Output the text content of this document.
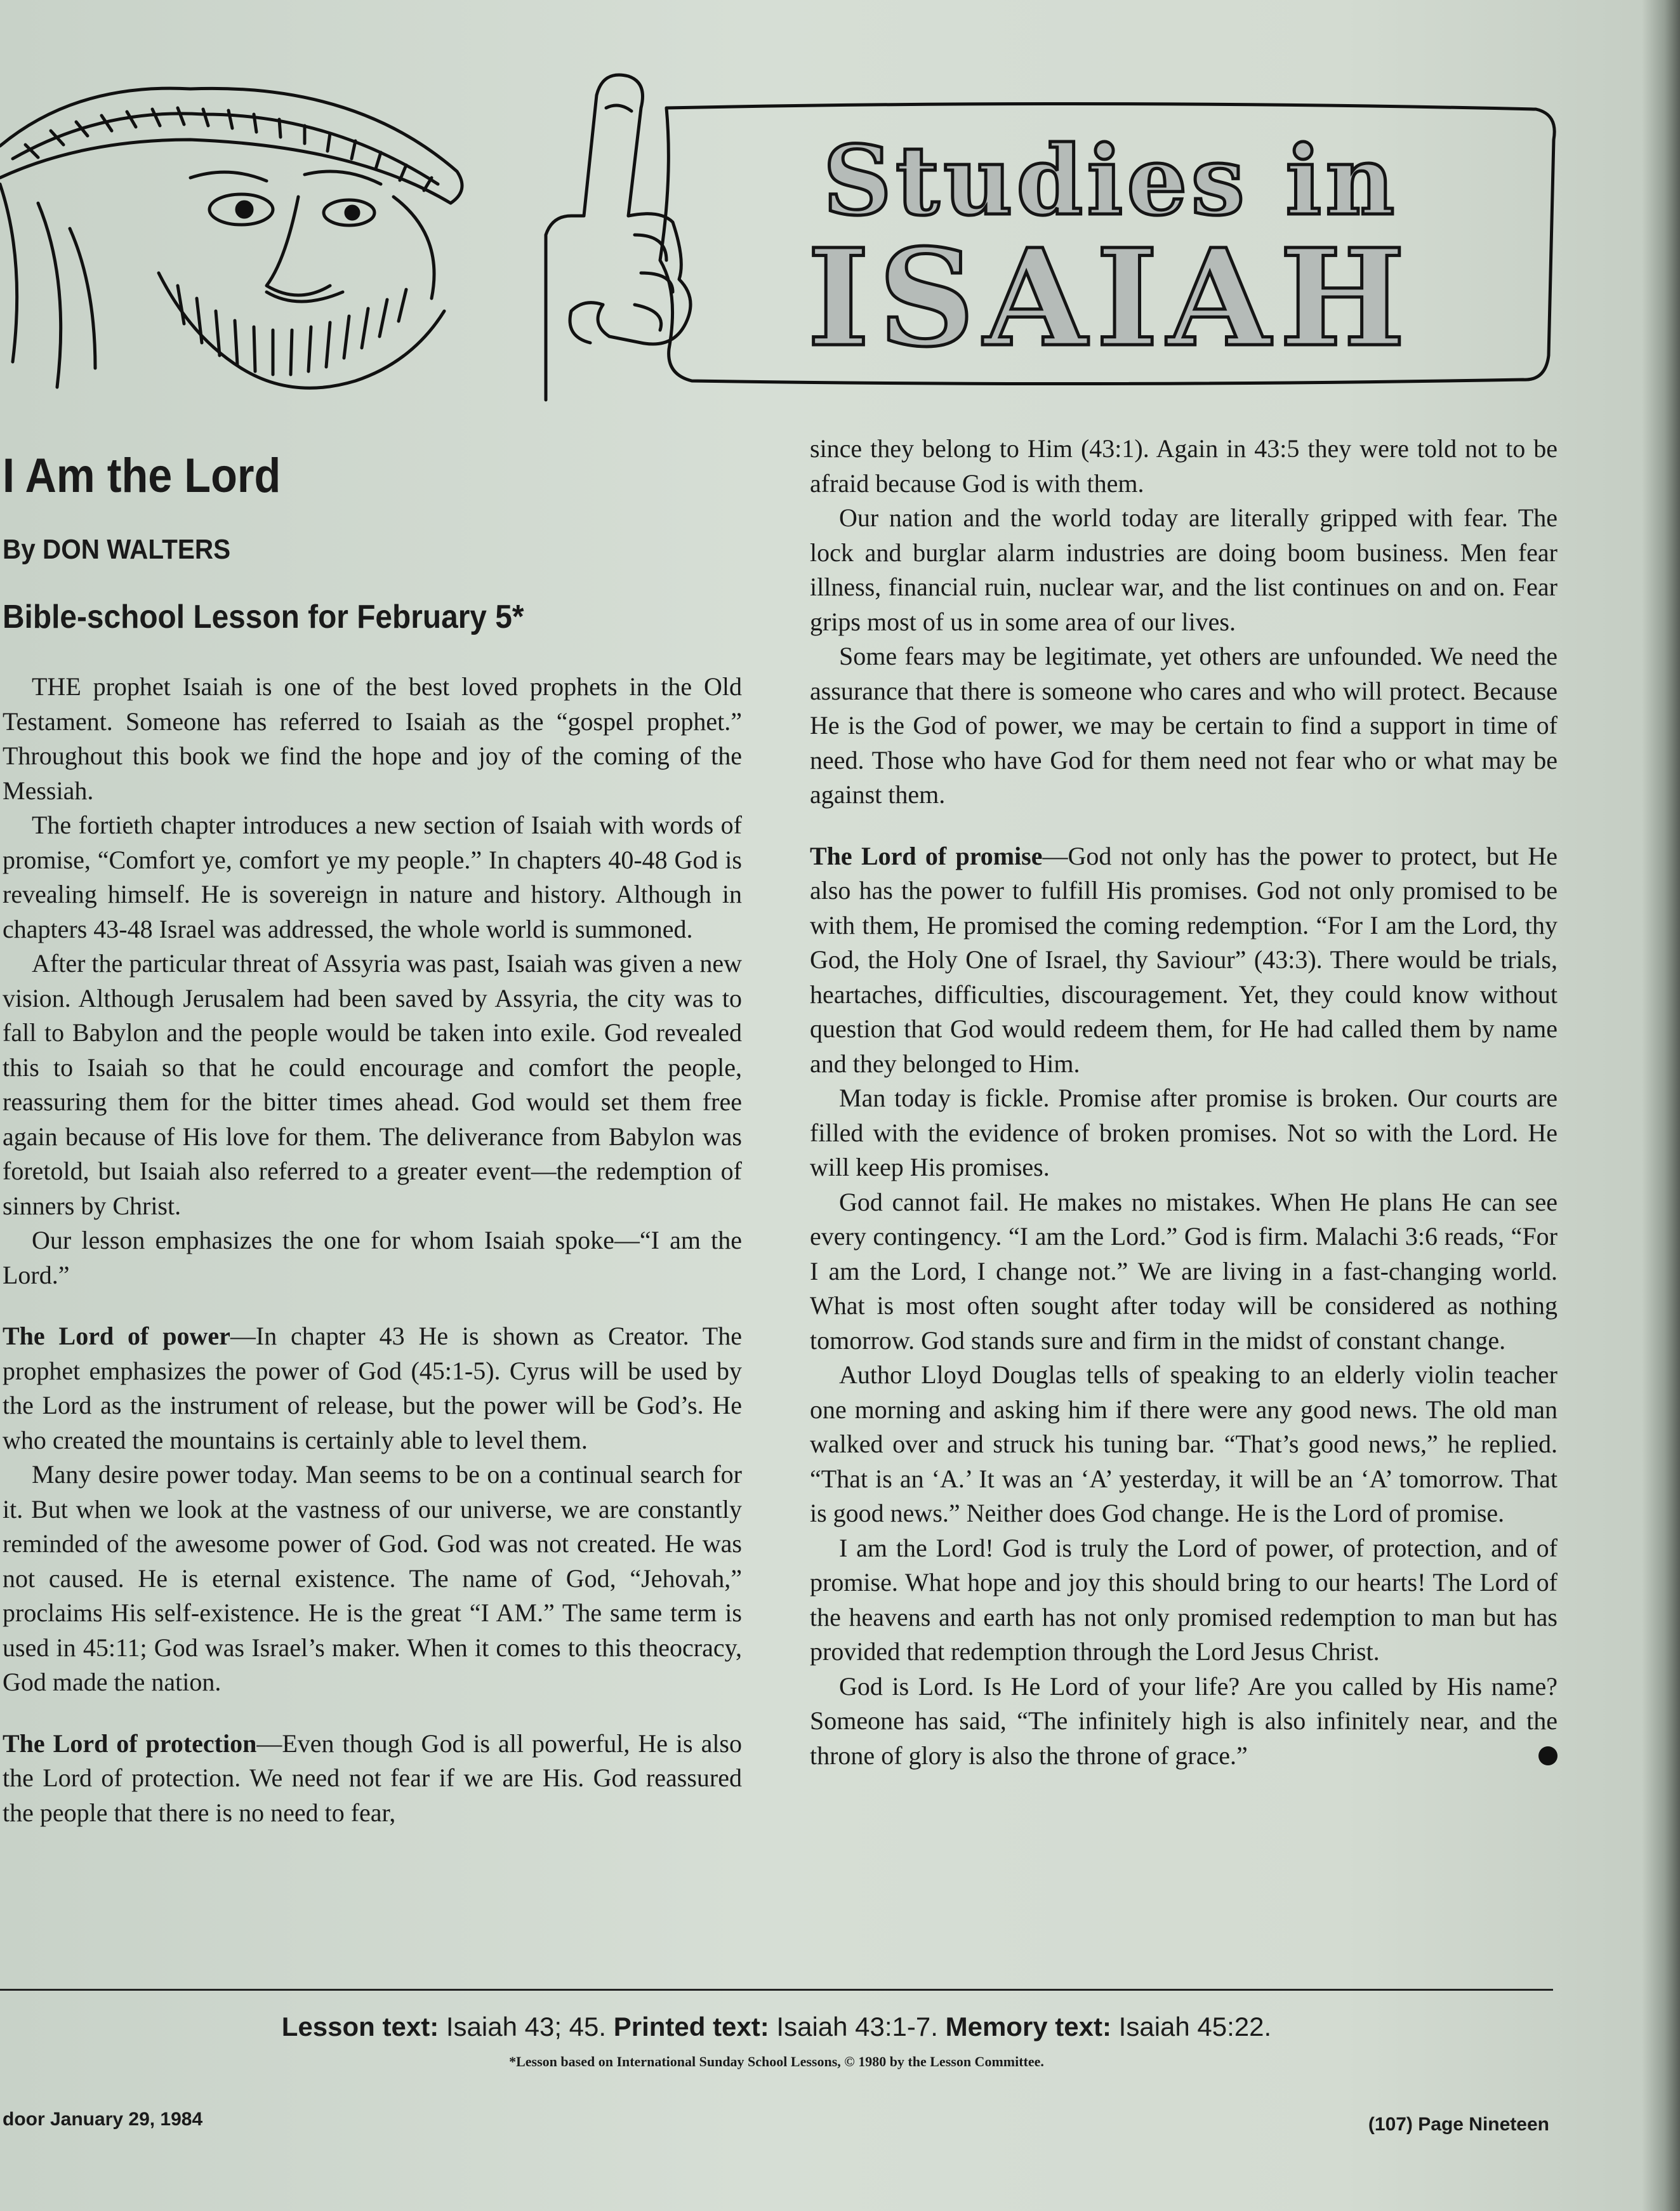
Studies in
ISAIAH
I Am the Lord
By DON WALTERS
Bible-school Lesson for February 5*

THE prophet Isaiah is one of the best loved prophets in the Old Testament. Someone has referred to Isaiah as the “gospel prophet.” Throughout this book we find the hope and joy of the coming of the Messiah.

The fortieth chapter introduces a new section of Isaiah with words of promise, “Comfort ye, comfort ye my people.” In chapters 40-48 God is revealing himself. He is sovereign in nature and history. Although in chapters 43-48 Israel was addressed, the whole world is summoned.

After the particular threat of Assyria was past, Isaiah was given a new vision. Although Jerusalem had been saved by Assyria, the city was to fall to Babylon and the people would be taken into exile. God revealed this to Isaiah so that he could encourage and comfort the people, reassuring them for the bitter times ahead. God would set them free again because of His love for them. The deliverance from Babylon was foretold, but Isaiah also referred to a greater event—the redemption of sinners by Christ.

Our lesson emphasizes the one for whom Isaiah spoke—“I am the Lord.”

The Lord of power—In chapter 43 He is shown as Creator. The prophet emphasizes the power of God (45:1-5). Cyrus will be used by the Lord as the instrument of release, but the power will be God’s. He who created the mountains is certainly able to level them.

Many desire power today. Man seems to be on a continual search for it. But when we look at the vastness of our universe, we are constantly reminded of the awesome power of God. God was not created. He was not caused. He is eternal existence. The name of God, “Jehovah,” proclaims His self-existence. He is the great “I AM.” The same term is used in 45:11; God was Israel’s maker. When it comes to this theocracy, God made the nation.

The Lord of protection—Even though God is all powerful, He is also the Lord of protection. We need not fear if we are His. God reassured the people that there is no need to fear,

since they belong to Him (43:1). Again in 43:5 they were told not to be afraid because God is with them.

Our nation and the world today are literally gripped with fear. The lock and burglar alarm industries are doing boom business. Men fear illness, financial ruin, nuclear war, and the list continues on and on. Fear grips most of us in some area of our lives.

Some fears may be legitimate, yet others are unfounded. We need the assurance that there is someone who cares and who will protect. Because He is the God of power, we may be certain to find a support in time of need. Those who have God for them need not fear who or what may be against them.

The Lord of promise—God not only has the power to protect, but He also has the power to fulfill His promises. God not only promised to be with them, He promised the coming redemption. “For I am the Lord, thy God, the Holy One of Israel, thy Saviour” (43:3). There would be trials, heartaches, difficulties, discouragement. Yet, they could know without question that God would redeem them, for He had called them by name and they belonged to Him.

Man today is fickle. Promise after promise is broken. Our courts are filled with the evidence of broken promises. Not so with the Lord. He will keep His promises.

God cannot fail. He makes no mistakes. When He plans He can see every contingency. “I am the Lord.” God is firm. Malachi 3:6 reads, “For I am the Lord, I change not.” We are living in a fast-changing world. What is most often sought after today will be considered as nothing tomorrow. God stands sure and firm in the midst of constant change.

Author Lloyd Douglas tells of speaking to an elderly violin teacher one morning and asking him if there were any good news. The old man walked over and struck his tuning bar. “That’s good news,” he replied. “That is an ‘A.’ It was an ‘A’ yesterday, it will be an ‘A’ tomorrow. That is good news.” Neither does God change. He is the Lord of promise.

I am the Lord! God is truly the Lord of power, of protection, and of promise. What hope and joy this should bring to our hearts! The Lord of the heavens and earth has not only promised redemption to man but has provided that redemption through the Lord Jesus Christ.

God is Lord. Is He Lord of your life? Are you called by His name? Someone has said, “The infinitely high is also infinitely near, and the throne of glory is also the throne of grace.”

Lesson text: Isaiah 43; 45. Printed text: Isaiah 43:1-7. Memory text: Isaiah 45:22.
*Lesson based on International Sunday School Lessons, © 1980 by the Lesson Committee.
door January 29, 1984	(107) Page Nineteen
